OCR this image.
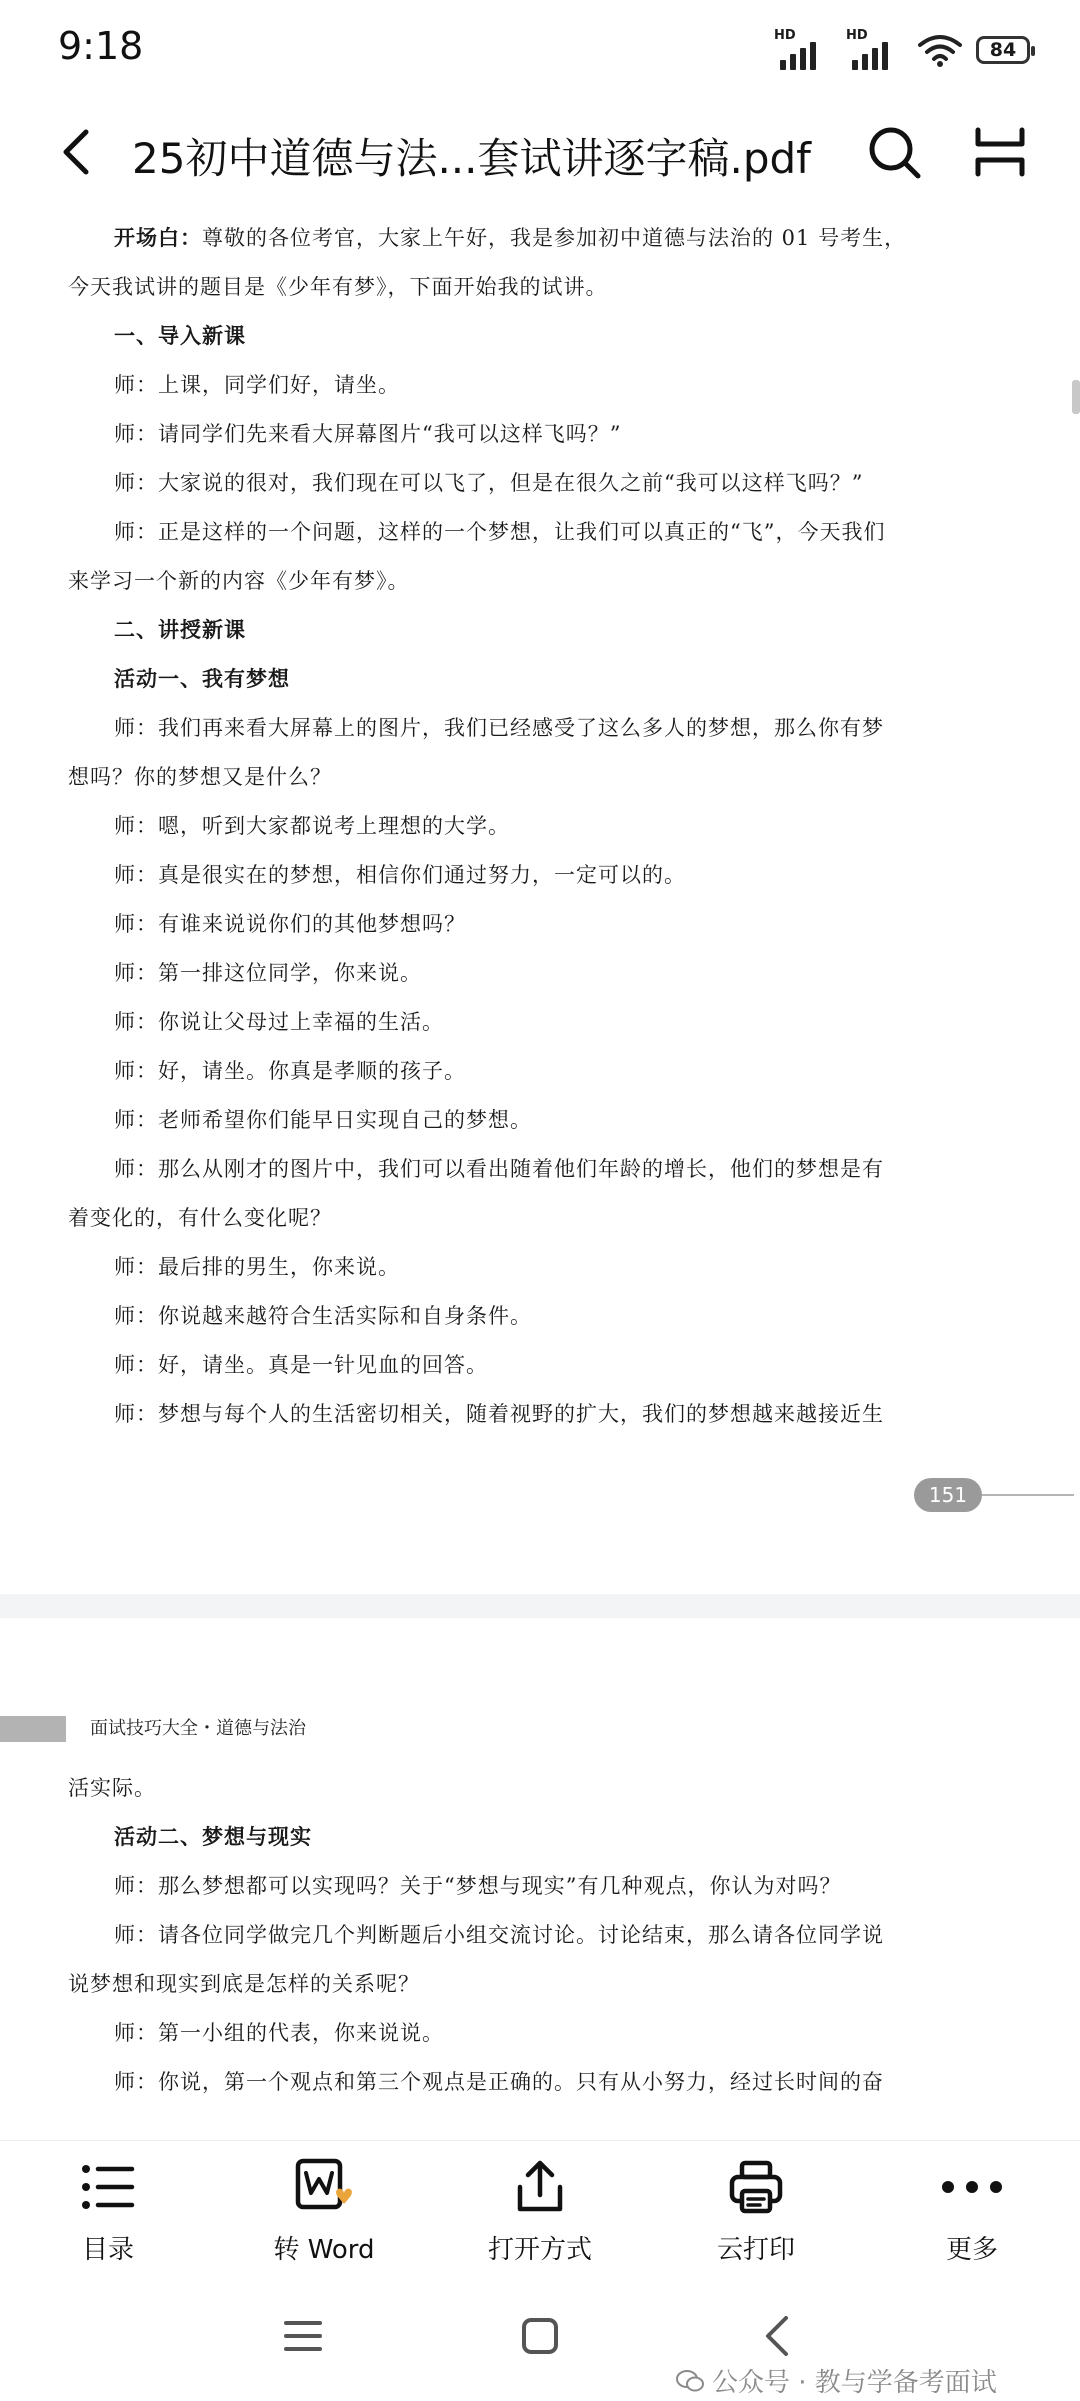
9:18	HD	HD
84
25初中道德与法...套试讲逐字稿.pdf
开场白：尊敬的各位考官，大家上午好，我是参加初中道德与法治的 01 号考生，
今天我试讲的题目是《少年有梦》，下面开始我的试讲。
一、导入新课
师：上课，同学们好，请坐。
师：请同学们先来看大屏幕图片“我可以这样飞吗？”
师：大家说的很对，我们现在可以飞了，但是在很久之前“我可以这样飞吗？”
师：正是这样的一个问题，这样的一个梦想，让我们可以真正的“飞”，今天我们
来学习一个新的内容《少年有梦》。
二、讲授新课
活动一、我有梦想
师：我们再来看大屏幕上的图片，我们已经感受了这么多人的梦想，那么你有梦
想吗？你的梦想又是什么？
师：嗯，听到大家都说考上理想的大学。
师：真是很实在的梦想，相信你们通过努力，一定可以的。
师：有谁来说说你们的其他梦想吗？
师：第一排这位同学，你来说。
师：你说让父母过上幸福的生活。
师：好，请坐。你真是孝顺的孩子。
师：老师希望你们能早日实现自己的梦想。
师：那么从刚才的图片中，我们可以看出随着他们年龄的增长，他们的梦想是有
着变化的，有什么变化呢？
师：最后排的男生，你来说。
师：你说越来越符合生活实际和自身条件。
师：好，请坐。真是一针见血的回答。
师：梦想与每个人的生活密切相关，随着视野的扩大，我们的梦想越来越接近生
151
面试技巧大全・道德与法治
活实际。
活动二、梦想与现实
师：那么梦想都可以实现吗？关于“梦想与现实”有几种观点，你认为对吗？
师：请各位同学做完几个判断题后小组交流讨论。讨论结束，那么请各位同学说
说梦想和现实到底是怎样的关系呢？
师：第一小组的代表，你来说说。
师：你说，第一个观点和第三个观点是正确的。只有从小努力，经过长时间的奋
目录	转 Word	打开方式	云打印	更多
公众号 · 教与学备考面试
